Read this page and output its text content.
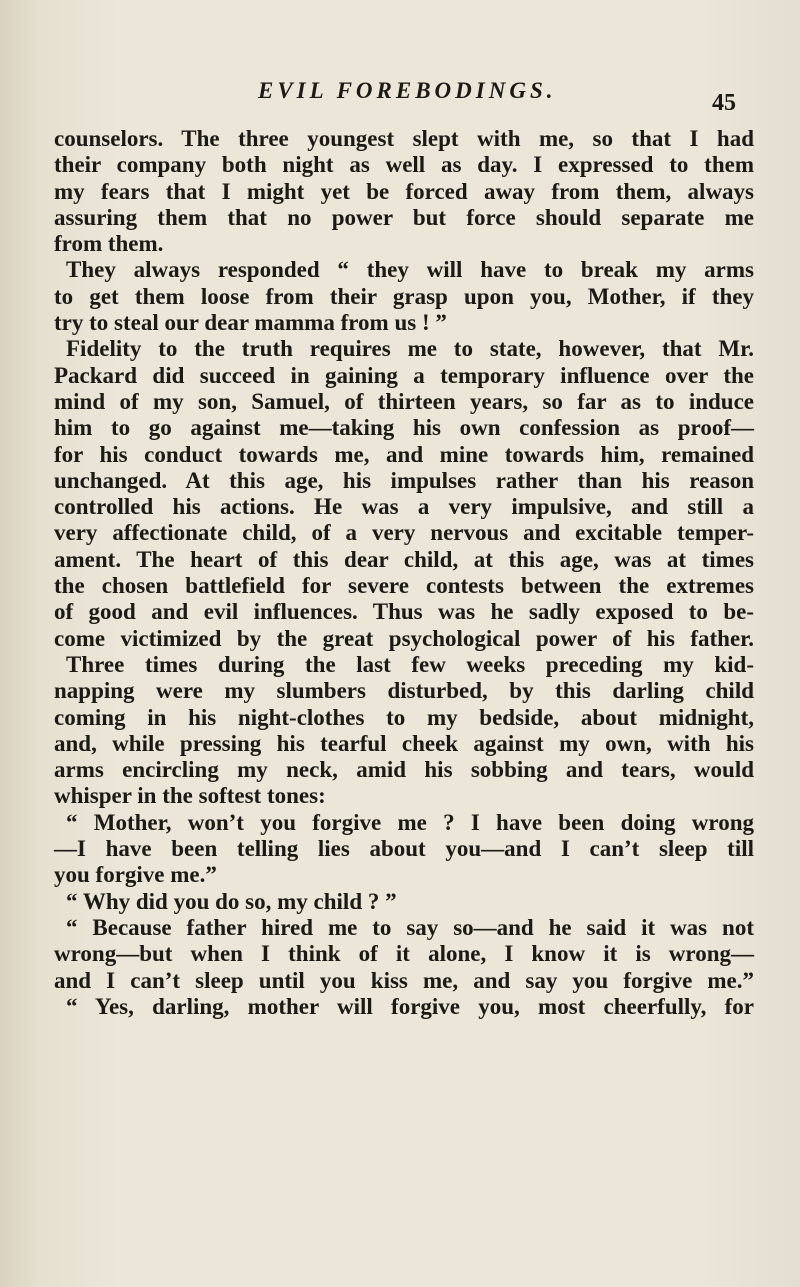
EVIL FOREBODINGS.	45
counselors. The three youngest slept with me, so that I had
their company both night as well as day. I expressed to them
my fears that I might yet be forced away from them, always
assuring them that no power but force should separate me
from them.
They always responded “ they will have to break my arms
to get them loose from their grasp upon you, Mother, if they
try to steal our dear mamma from us ! ”
Fidelity to the truth requires me to state, however, that Mr.
Packard did succeed in gaining a temporary influence over the
mind of my son, Samuel, of thirteen years, so far as to induce
him to go against me—taking his own confession as proof—
for his conduct towards me, and mine towards him, remained
unchanged. At this age, his impulses rather than his reason
controlled his actions. He was a very impulsive, and still a
very affectionate child, of a very nervous and excitable temper-
ament. The heart of this dear child, at this age, was at times
the chosen battlefield for severe contests between the extremes
of good and evil influences. Thus was he sadly exposed to be-
come victimized by the great psychological power of his father.
Three times during the last few weeks preceding my kid-
napping were my slumbers disturbed, by this darling child
coming in his night-clothes to my bedside, about midnight,
and, while pressing his tearful cheek against my own, with his
arms encircling my neck, amid his sobbing and tears, would
whisper in the softest tones:
“ Mother, won’t you forgive me ? I have been doing wrong
—I have been telling lies about you—and I can’t sleep till
you forgive me.”
“ Why did you do so, my child ? ”
“ Because father hired me to say so—and he said it was not
wrong—but when I think of it alone, I know it is wrong—
and I can’t sleep until you kiss me, and say you forgive me.”
“ Yes, darling, mother will forgive you, most cheerfully, for
